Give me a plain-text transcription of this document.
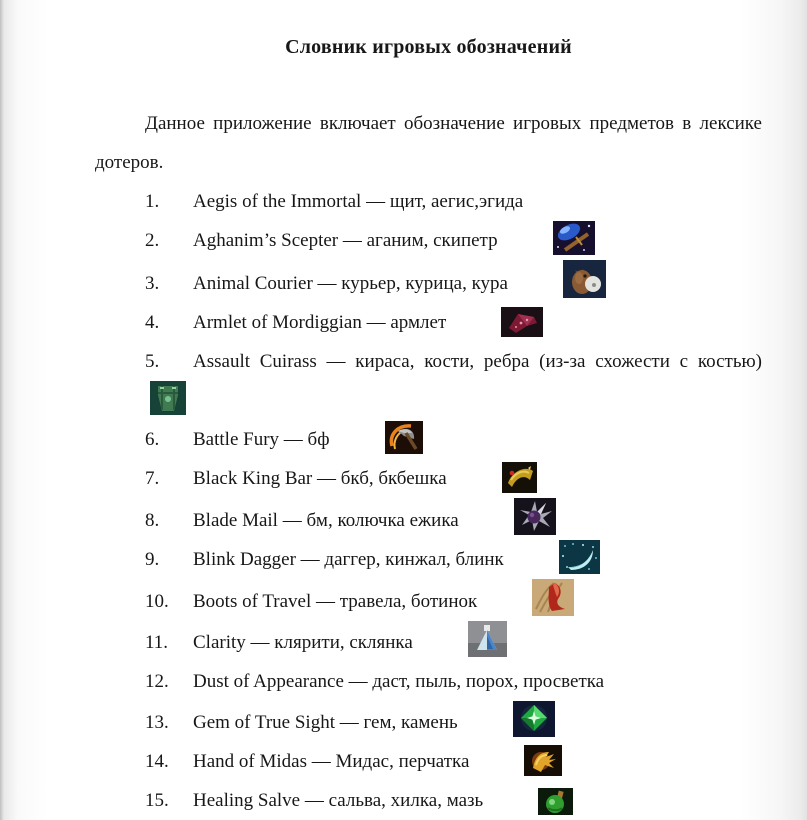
Словник игровых обозначений

Данное приложение включает обозначение игровых предметов в лексике дотеров.

1. Aegis of the Immortal — щит, аегис,эгида
2. Aghanim’s Scepter — аганим, скипетр
3. Animal Courier — курьер, курица, кура
4. Armlet of Mordiggian — армлет
5. Assault Cuirass — кираса, кости, ребра (из-за схожести с костью)
6. Battle Fury — бф
7. Black King Bar — бкб, бкбешка
8. Blade Mail — бм, колючка ежика
9. Blink Dagger — даггер, кинжал, блинк
10. Boots of Travel — травела, ботинок
11. Clarity — клярити, склянка
12. Dust of Appearance — даст, пыль, порох, просветка
13. Gem of True Sight — гем, камень
14. Hand of Midas — Мидас, перчатка
15. Healing Salve — сальва, хилка, мазь
